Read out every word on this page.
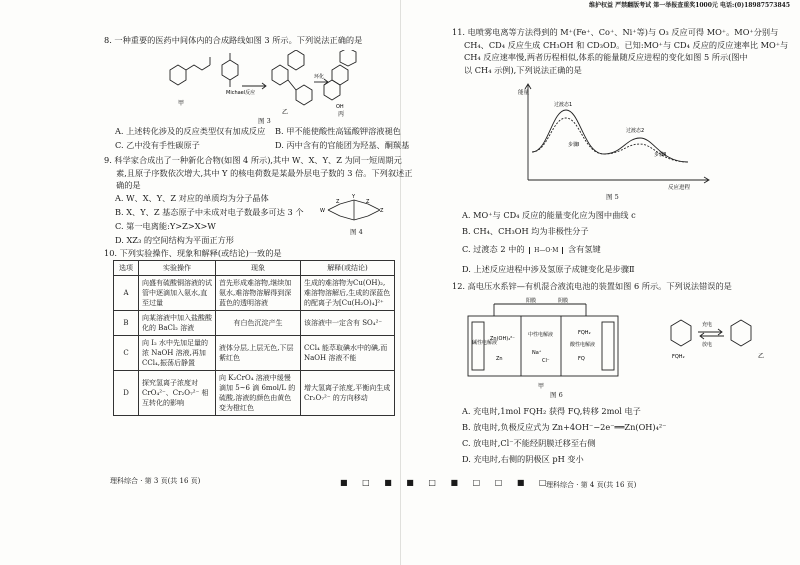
维护权益 严禁翻版考试 第一举报查重奖1000元 电话:(0)18987573845
8. 一种重要的医药中间体内的合成路线如图 3 所示。下列说法正确的是
Michael反应
环化
OH
甲
乙	丙
图 3
A. 上述转化涉及的反应类型仅有加成反应 B. 甲不能使酸性高锰酸钾溶液褪色
C. 乙中没有手性碳原子	D. 丙中含有的官能团为羟基、酮羰基
9. 科学家合成出了一种新化合物(如图 4 所示),其中 W、X、Y、Z 为同一短周期元
素,且原子序数依次增大,其中 Y 的核电荷数是某最外层电子数的 3 倍。下列叙述正
确的是
A. W、X、Y、Z 对应的单质均为分子晶体
B. X、Y、Z 基态原子中未成对电子数最多可达 3 个
C. 第一电离能:Y>Z>X>W
D. XZ₃ 的空间结构为平面正方形
W
Z
Y
Z
Z
图 4
10. 下列实验操作、现象和解释(或结论)一致的是
选项	实验操作	现象	解释(或结论)
A	向盛有硫酸铜溶液的试管中逐滴加入氨水,直至过量	首先形成难溶物,继续加氨水,难溶物溶解得到深蓝色的透明溶液	生成的难溶物为Cu(OH)₂,难溶物溶解后,生成的深蓝色的配离子为[Cu(H₂O)₄]²⁺
B	向某溶液中加入盐酸酸化的 BaCl₂ 溶液	有白色沉淀产生	该溶液中一定含有 SO₄²⁻
C	向 I₂ 水中先加足量的浓 NaOH 溶液,再加 CCl₄,振荡后静置	液体分层,上层无色,下层紫红色	CCl₄ 能萃取碘水中的碘,而 NaOH 溶液不能
D	探究氢离子浓度对 CrO₄²⁻、Cr₂O₇²⁻ 相互转化的影响	向 K₂CrO₄ 溶液中缓慢滴加 5~6 滴 6mol/L 的硫酸,溶液的颜色由黄色变为橙红色	增大氢离子浓度,平衡向生成 Cr₂O₇²⁻ 的方向移动
理科综合 · 第 3 页(共 16 页)	■ □ ■ ■ □ ■ □ □ ■ □
11. 电喷雾电离等方法得到的 M⁺(Fe⁺、Co⁺、Ni⁺等)与 O₃ 反应可得 MO⁺。MO⁺分别与
CH₄、CD₄ 反应生成 CH₃OH 和 CD₃OD。已知:MO⁺与 CD₄ 反应的反应速率比 MO⁺与
CH₄ 反应速率慢,两者历程相似,体系的能量随反应进程的变化如图 5 所示(图中
以 CH₄ 示例),下列说法正确的是
能量
反应进程
过渡态1
过渡态2
步骤Ⅰ
步骤Ⅱ
图 5
A. MO⁺与 CD₄ 反应的能量变化应为图中曲线 c
B. CH₄、CH₃OH 均为非极性分子
C. 过渡态 2 中的 H—O·M 含有氢键
D. 上述反应进程中涉及氢原子成键变化是步骤Ⅱ
12. 高电压水系锌—有机混合液流电池的装置如图 6 所示。下列说法错误的是
阳膜	阴膜
碱性电解液
中性电解液
酸性电解液
Zn(OH)₄²⁻
Zn
Na⁺
Cl⁻
FQH₂
FQ
甲
充电
放电
FQH₂	乙
图 6
A. 充电时,1mol FQH₂ 获得 FQ,转移 2mol 电子
B. 放电时,负极反应式为 Zn+4OH⁻−2e⁻══Zn(OH)₄²⁻
C. 放电时,Cl⁻不能经阴膜迁移至右侧
D. 充电时,右侧的阴极区 pH 变小
理科综合 · 第 4 页(共 16 页)
